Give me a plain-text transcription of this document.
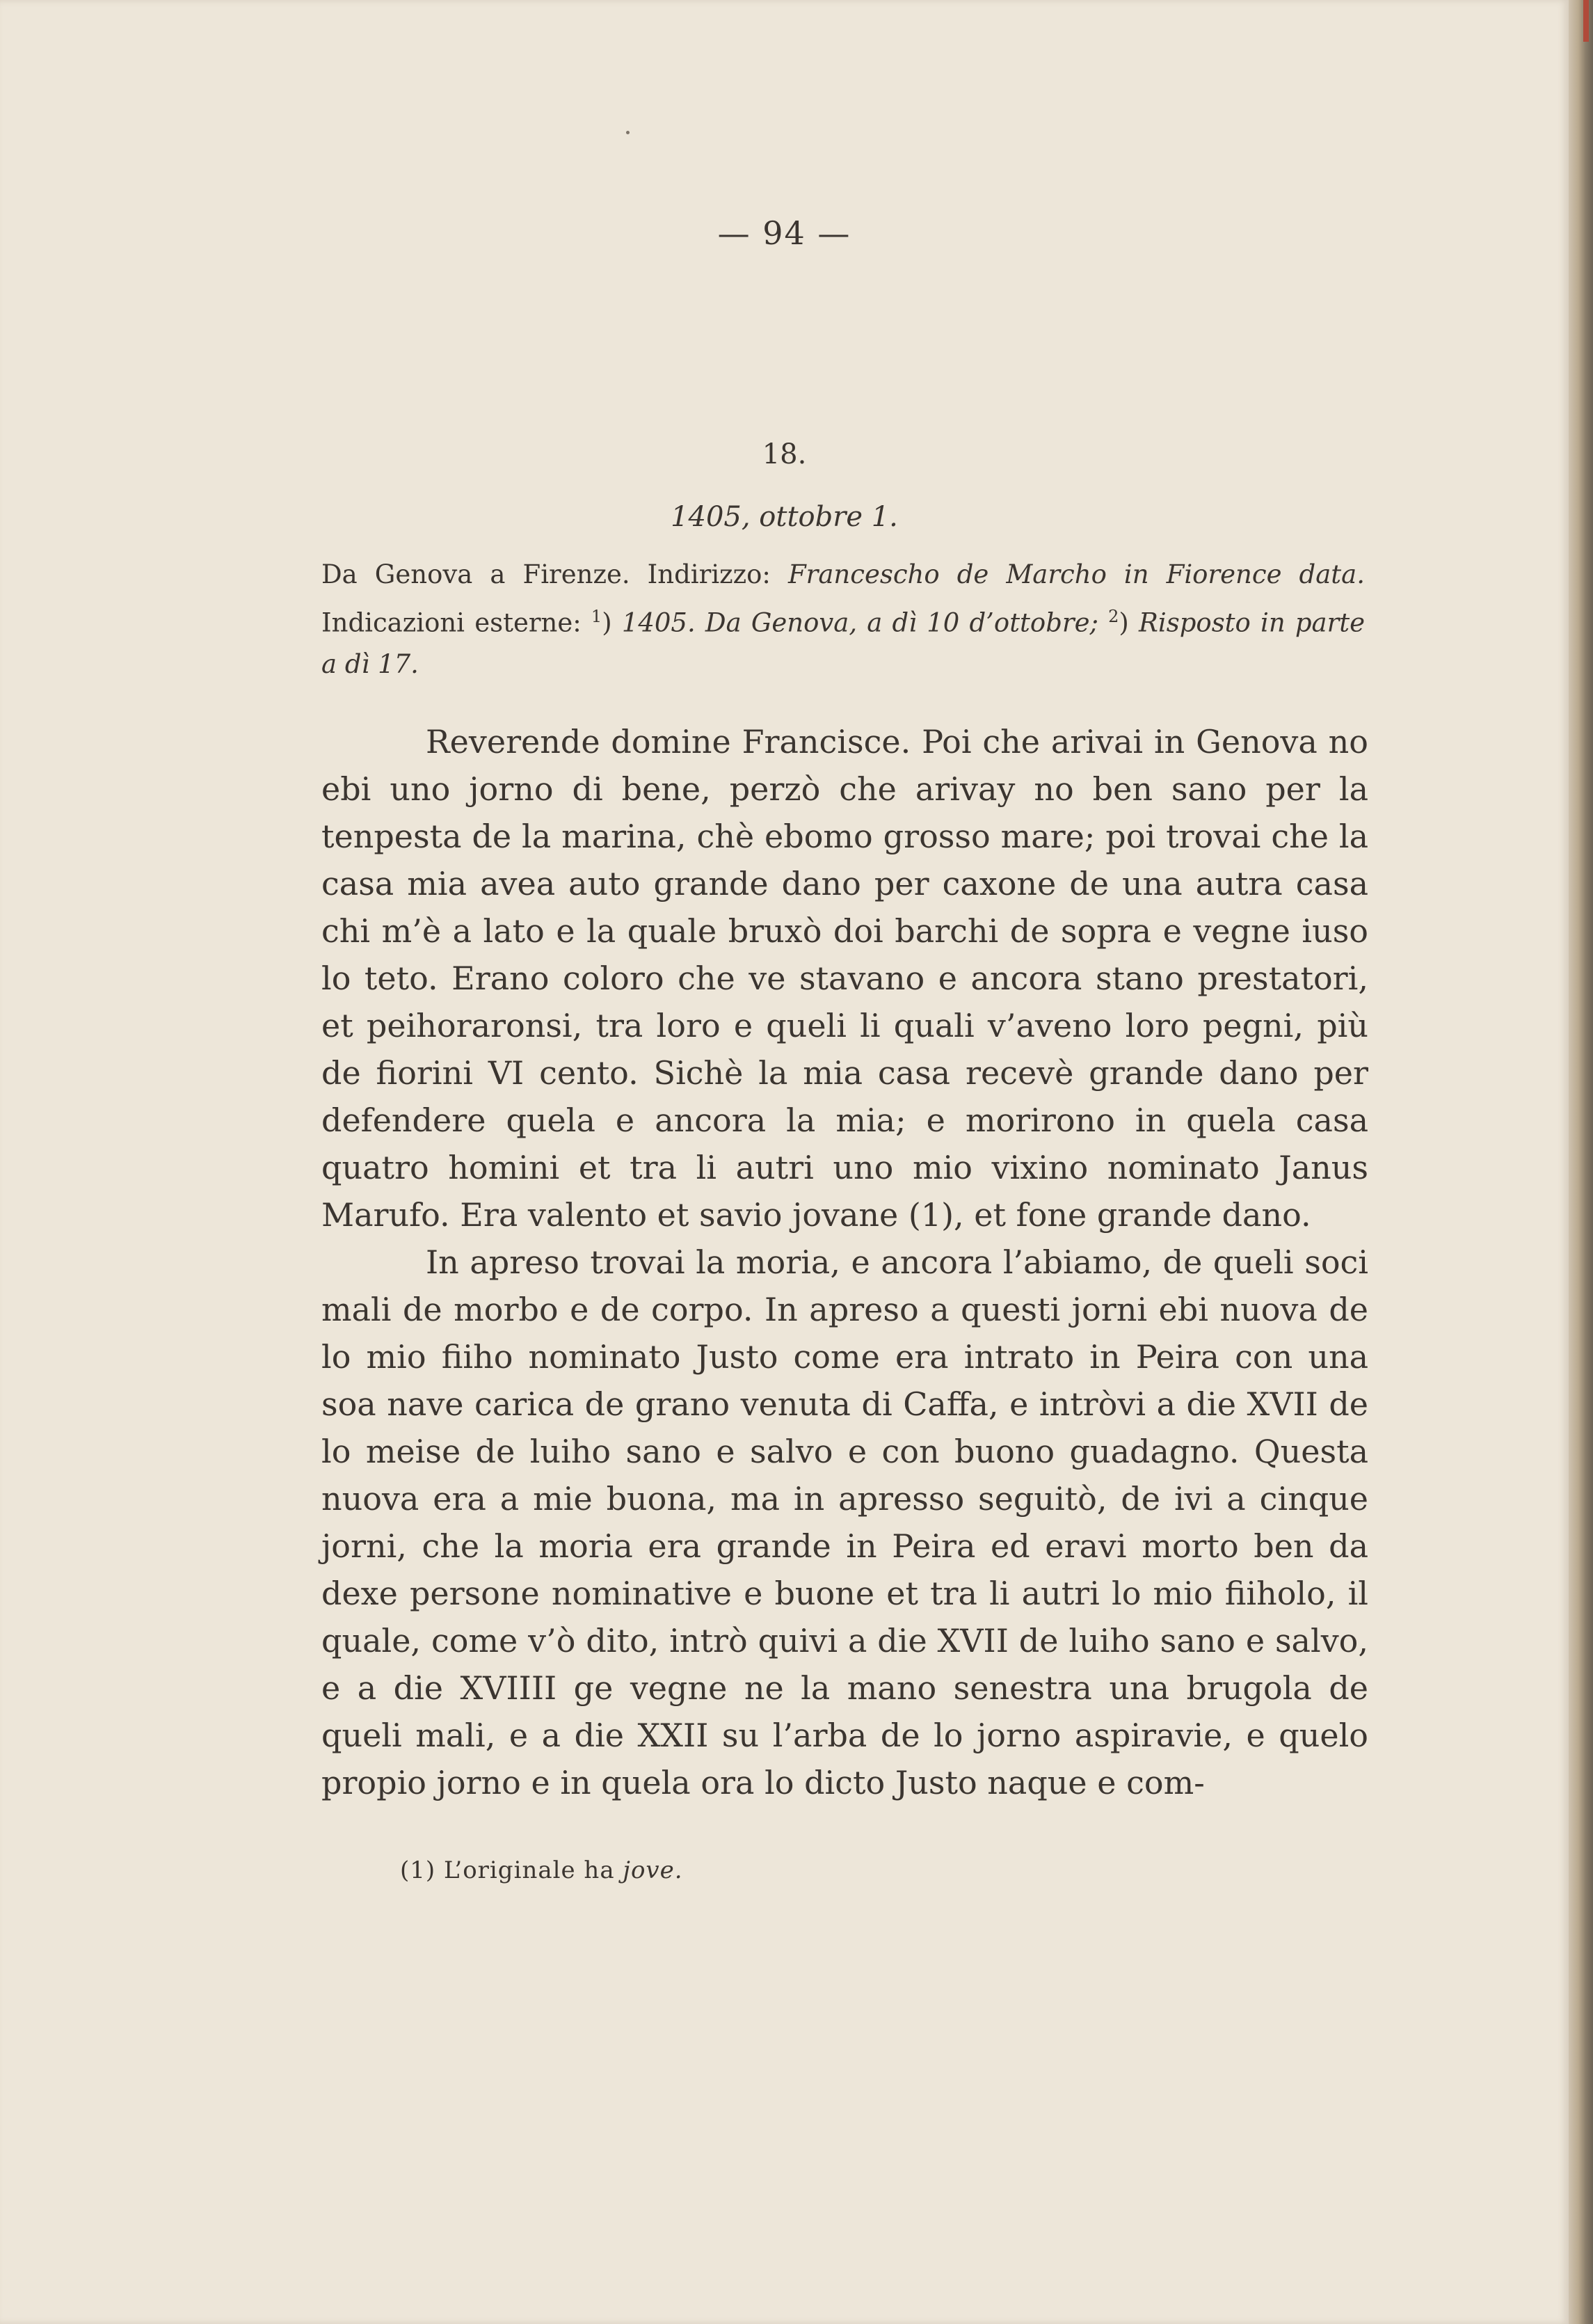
— 94 —
18.
1405, ottobre 1.
Da Genova a Firenze. Indirizzo: Francescho de Marcho in Fiorence data. Indicazioni esterne: $^1$) 1405. Da Genova, a dì 10 d’ottobre; $^2$) Risposto in parte a dì 17.

Reverende domine Francisce. Poi che arivai in Genova no ebi uno jorno di bene, perzò che arivay no ben sano per la tenpesta de la marina, chè ebomo grosso mare; poi trovai che la casa mia avea auto grande dano per caxone de una autra casa chi m’è a lato e la quale bruxò doi barchi de sopra e vegne iuso lo teto. Erano coloro che ve stavano e ancora stano prestatori, et peihoraronsi, tra loro e queli li quali v’aveno loro pegni, più de fiorini VI cento. Sichè la mia casa recevè grande dano per defendere quela e ancora la mia; e morirono in quela casa quatro homini et tra li autri uno mio vixino nominato Janus Marufo. Era valento et savio jovane (1), et fone grande dano.

In apreso trovai la moria, e ancora l’abiamo, de queli soci mali de morbo e de corpo. In apreso a questi jorni ebi nuova de lo mio fiiho nominato Justo come era intrato in Peira con una soa nave carica de grano venuta di Caffa, e intròvi a die XVII de lo meise de luiho sano e salvo e con buono guadagno. Questa nuova era a mie buona, ma in apresso seguitò, de ivi a cinque jorni, che la moria era grande in Peira ed eravi morto ben da dexe persone nominative e buone et tra li autri lo mio fiiholo, il quale, come v’ò dito, intrò quivi a die XVII de luiho sano e salvo, e a die XVIIII ge vegne ne la mano senestra una brugola de queli mali, e a die XXII su l’arba de lo jorno aspiravie, e quelo propio jorno e in quela ora lo dicto Justo naque e com-

(1) L’originale ha jove.
